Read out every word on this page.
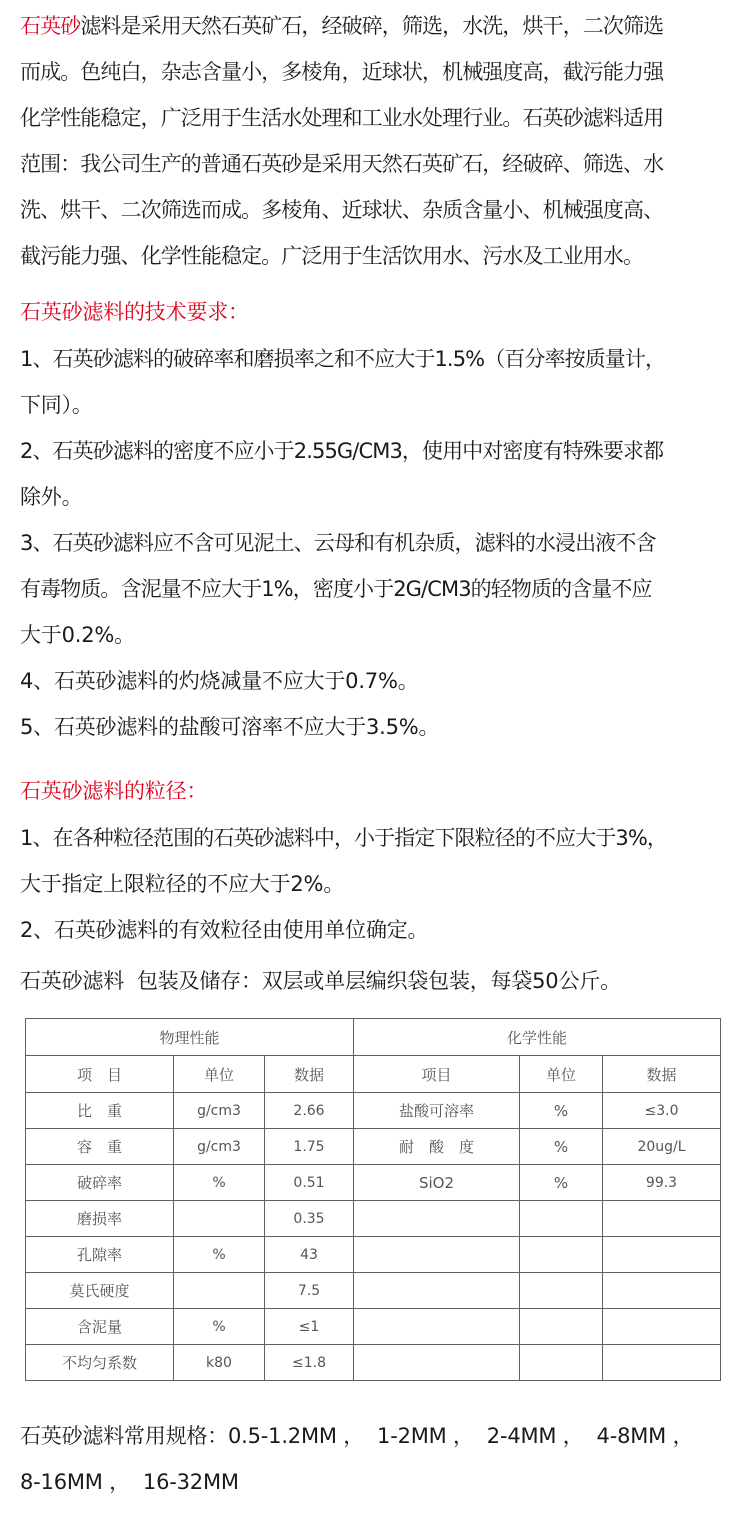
石英砂滤料是采用天然石英矿石，经破碎，筛选，水洗，烘干，二次筛选
而成。色纯白，杂志含量小，多棱角，近球状，机械强度高，截污能力强
化学性能稳定，广泛用于生活水处理和工业水处理行业。石英砂滤料适用
范围：我公司生产的普通石英砂是采用天然石英矿石，经破碎、筛选、水
洗、烘干、二次筛选而成。多棱角、近球状、杂质含量小、机械强度高、
截污能力强、化学性能稳定。广泛用于生活饮用水、污水及工业用水。
石英砂滤料的技术要求：
1、石英砂滤料的破碎率和磨损率之和不应大于1.5%（百分率按质量计，
下同）。
2、石英砂滤料的密度不应小于2.55G/CM3，使用中对密度有特殊要求都
除外。
3、石英砂滤料应不含可见泥土、云母和有机杂质，滤料的水浸出液不含
有毒物质。含泥量不应大于1%，密度小于2G/CM3的轻物质的含量不应
大于0.2%。
4、石英砂滤料的灼烧减量不应大于0.7%。
5、石英砂滤料的盐酸可溶率不应大于3.5%。
石英砂滤料的粒径：
1、在各种粒径范围的石英砂滤料中，小于指定下限粒径的不应大于3%，
大于指定上限粒径的不应大于2%。
2、石英砂滤料的有效粒径由使用单位确定。
石英砂滤料  包装及储存：双层或单层编织袋包装，每袋50公斤。
物理性能			化学性能		
项　目	单位	数据	项目	单位	数据
比　重	g/cm3	2.66	盐酸可溶率	%	≤3.0
容　重	g/cm3	1.75	耐　酸　度	%	20ug/L
破碎率	%	0.51	SiO2	%	99.3
磨损率		0.35			
孔隙率	%	43			
莫氏硬度		7.5			
含泥量	%	≤1			
不均匀系数	k80	≤1.8			
石英砂滤料常用规格：0.5-1.2MM ，  1-2MM ，  2-4MM ，  4-8MM ，
8-16MM ，  16-32MM
